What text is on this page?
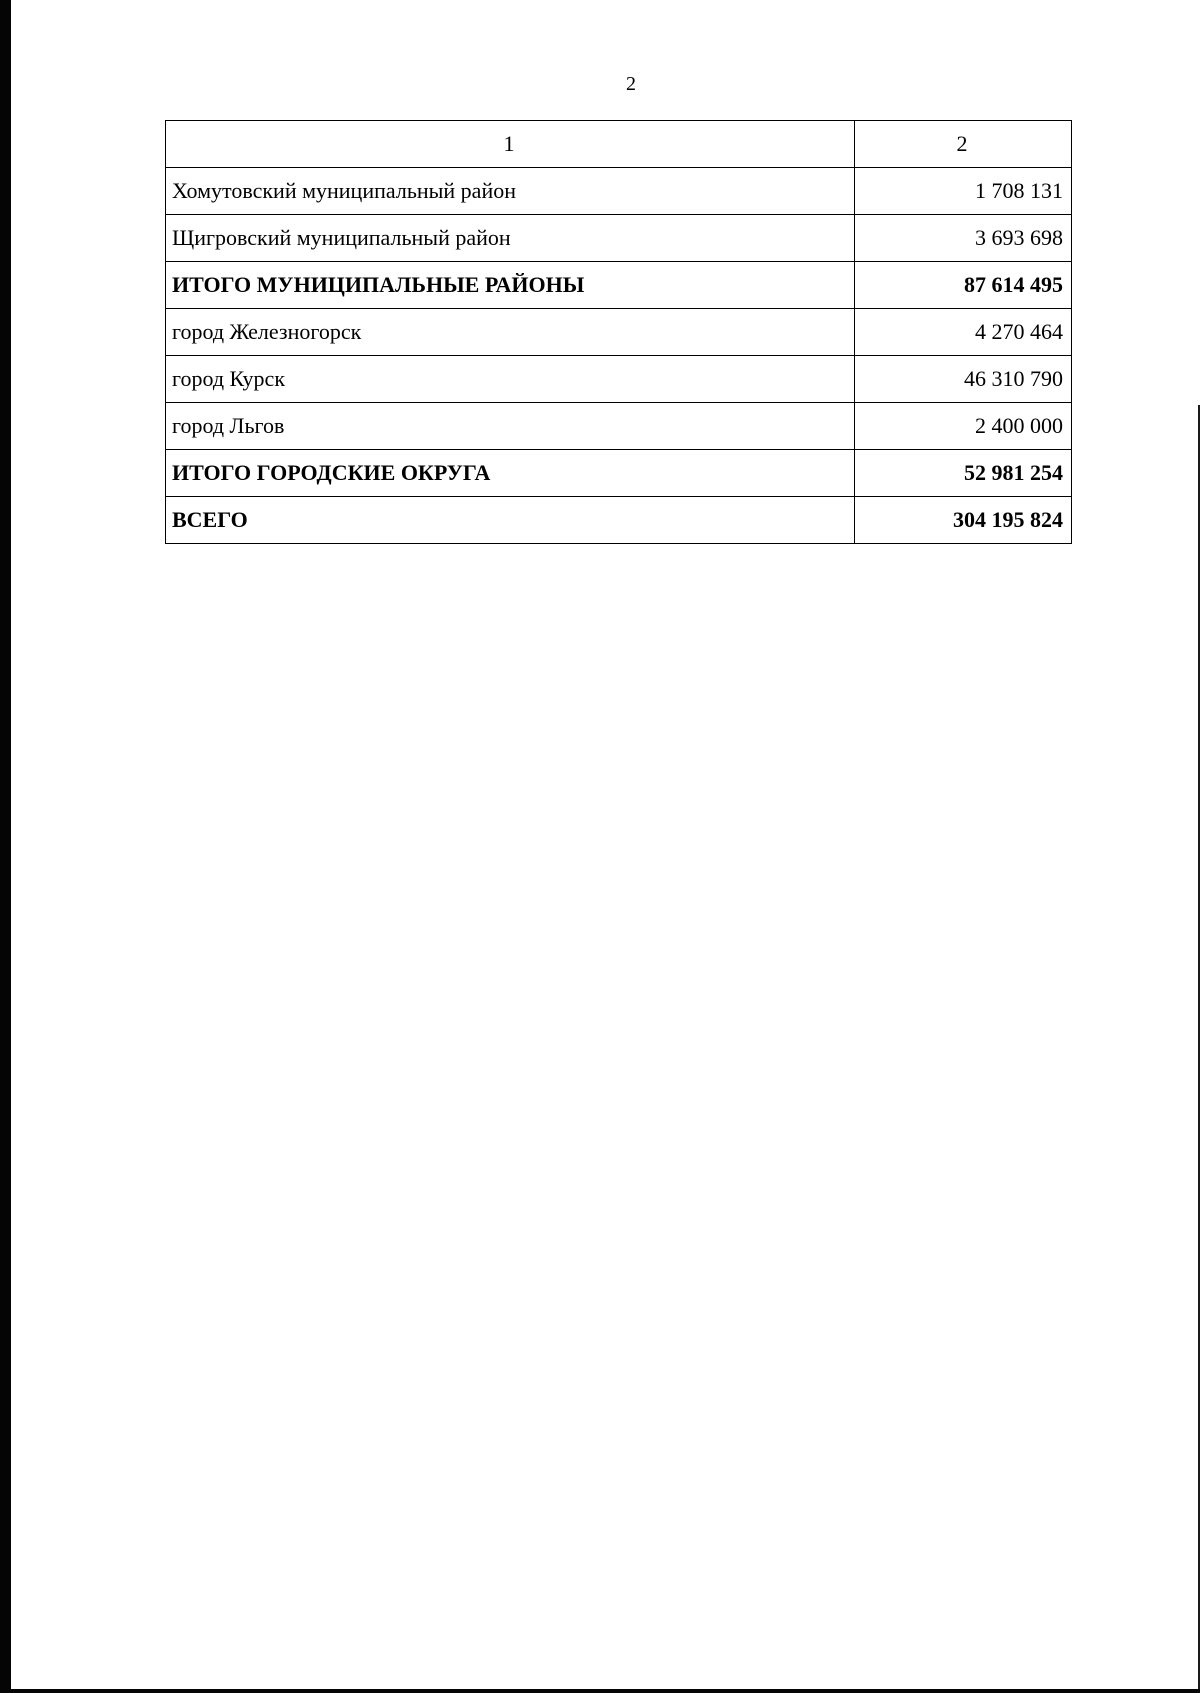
2
1	2
Хомутовский муниципальный район	1 708 131
Щигровский муниципальный район	3 693 698
ИТОГО МУНИЦИПАЛЬНЫЕ РАЙОНЫ	87 614 495
город Железногорск	4 270 464
город Курск	46 310 790
город Льгов	2 400 000
ИТОГО ГОРОДСКИЕ ОКРУГА	52 981 254
ВСЕГО	304 195 824
